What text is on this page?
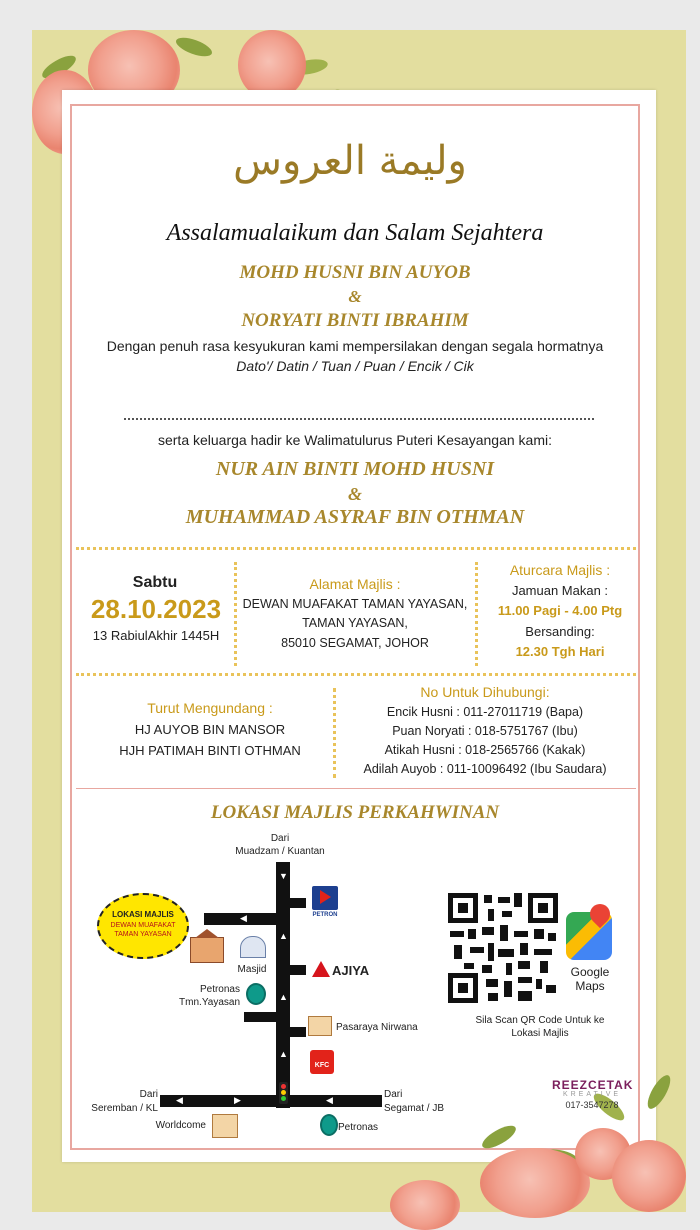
وليمة العروس
Assalamualaikum dan Salam Sejahtera
MOHD HUSNI BIN AUYOB
&
NORYATI BINTI IBRAHIM
Dengan penuh rasa kesyukuran kami mempersilakan dengan segala hormatnya
Dato'/ Datin / Tuan / Puan / Encik / Cik
serta keluarga hadir ke Walimatulurus Puteri Kesayangan kami:
NUR AIN BINTI MOHD HUSNI
&
MUHAMMAD ASYRAF BIN OTHMAN
Sabtu
28.10.2023
13 RabiulAkhir 1445H
Alamat Majlis :
DEWAN MUAFAKAT TAMAN YAYASAN,
TAMAN YAYASAN,
85010 SEGAMAT, JOHOR
Aturcara Majlis :
Jamuan Makan :
11.00 Pagi - 4.00 Ptg
Bersanding:
12.30 Tgh Hari
Turut Mengundang :
HJ AUYOB BIN MANSOR
HJH PATIMAH BINTI OTHMAN
No Untuk Dihubungi:
Encik Husni : 011-27011719 (Bapa)
Puan Noryati : 018-5751767 (Ibu)
Atikah Husni : 018-2565766 (Kakak)
Adilah Auyob : 011-10096492 (Ibu Saudara)
LOKASI MAJLIS PERKAHWINAN
Dari
Muadzam / Kuantan
▼
▲
▲
▲
◀
◀	▶	◀
LOKASI MAJLIS
DEWAN MUAFAKAT
TAMAN YAYASAN
Masjid
Petronas
Tmn.Yayasan
PETRON
AJIYA
Pasaraya Nirwana
KFC
Dari
Seremban / KL
Dari
Segamat / JB
Worldcome	Petronas
Google
Maps
Sila Scan QR Code Untuk ke
Lokasi Majlis
REEZCETAK
KREATIVE
017-3547278
